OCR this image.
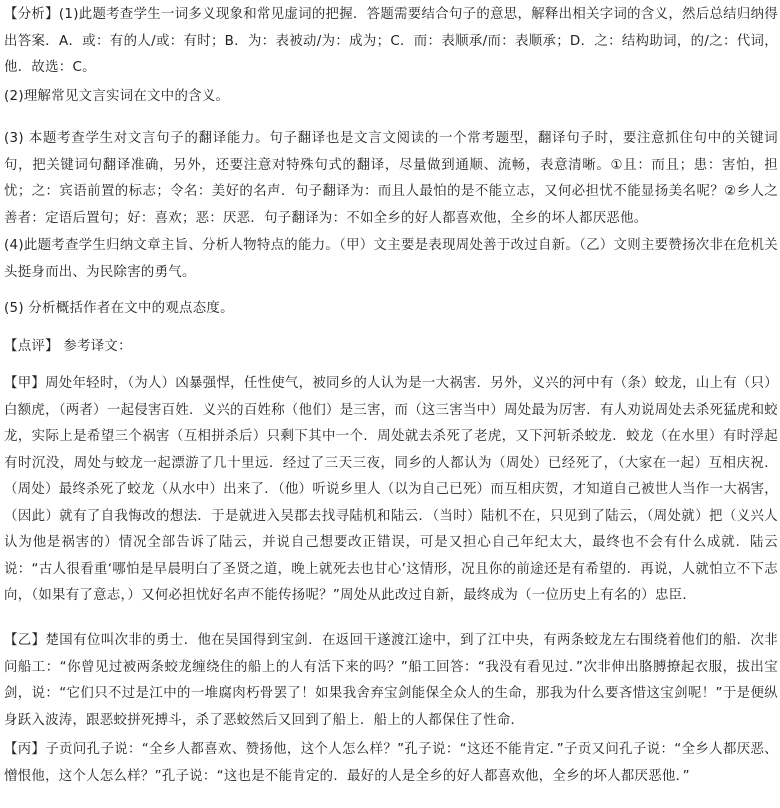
【分析】(1)此题考查学生一词多义现象和常见虚词的把握．答题需要结合句子的意思，解释出相关字词的含义，然后总结归纳得出答案．A．或：有的人/或：有时；B．为：表被动/为：成为；C．而：表顺承/而：表顺承；D．之：结构助词，的/之：代词，他．故选：C。

(2)理解常见文言实词在文中的含义。

(3) 本题考查学生对文言句子的翻译能力。句子翻译也是文言文阅读的一个常考题型，翻译句子时，要注意抓住句中的关键词句，把关键词句翻译准确，另外，还要注意对特殊句式的翻译，尽量做到通顺、流畅，表意清晰。①且：而且；患：害怕，担忧；之：宾语前置的标志；令名：美好的名声．句子翻译为：而且人最怕的是不能立志，又何必担忧不能显扬美名呢？②乡人之善者：定语后置句；好：喜欢；恶：厌恶．句子翻译为：不如全乡的好人都喜欢他，全乡的坏人都厌恶他。

(4)此题考查学生归纳文章主旨、分析人物特点的能力。（甲）文主要是表现周处善于改过自新。（乙）文则主要赞扬次非在危机关头挺身而出、为民除害的勇气。

(5) 分析概括作者在文中的观点态度。

【点评】 参考译文：

【甲】周处年轻时，（为人）凶暴强悍，任性使气，被同乡的人认为是一大祸害．另外，义兴的河中有（条）蛟龙，山上有（只）白额虎，（两者）一起侵害百姓．义兴的百姓称（他们）是三害，而（这三害当中）周处最为厉害．有人劝说周处去杀死猛虎和蛟龙，实际上是希望三个祸害（互相拼杀后）只剩下其中一个．周处就去杀死了老虎，又下河斩杀蛟龙．蛟龙（在水里）有时浮起有时沉没，周处与蛟龙一起漂游了几十里远．经过了三天三夜，同乡的人都认为（周处）已经死了，（大家在一起）互相庆祝．（周处）最终杀死了蛟龙（从水中）出来了．（他）听说乡里人（以为自己已死）而互相庆贺，才知道自己被世人当作一大祸害，（因此）就有了自我悔改的想法．于是就进入吴郡去找寻陆机和陆云．（当时）陆机不在，只见到了陆云，（周处就）把（义兴人认为他是祸害的）情况全部告诉了陆云，并说自己想要改正错误，可是又担心自己年纪太大，最终也不会有什么成就．陆云说：“古人很看重‘哪怕是早晨明白了圣贤之道，晚上就死去也甘心’这情形，况且你的前途还是有希望的．再说，人就怕立不下志向，（如果有了意志，）又何必担忧好名声不能传扬呢？”周处从此改过自新，最终成为（一位历史上有名的）忠臣．

【乙】楚国有位叫次非的勇士．他在吴国得到宝剑．在返回干遂渡江途中，到了江中央，有两条蛟龙左右围绕着他们的船．次非问船工：“你曾见过被两条蛟龙缠绕住的船上的人有活下来的吗？”船工回答：“我没有看见过．”次非伸出胳膊撩起衣服，拔出宝剑，说：“它们只不过是江中的一堆腐肉朽骨罢了！如果我舍弃宝剑能保全众人的生命，那我为什么要吝惜这宝剑呢！”于是便纵身跃入波涛，跟恶蛟拼死搏斗，杀了恶蛟然后又回到了船上．船上的人都保住了性命．

【丙】子贡问孔子说：“全乡人都喜欢、赞扬他，这个人怎么样？”孔子说：“这还不能肯定．”子贡又问孔子说：“全乡人都厌恶、憎恨他，这个人怎么样？”孔子说：“这也是不能肯定的．最好的人是全乡的好人都喜欢他，全乡的坏人都厌恶他．”
